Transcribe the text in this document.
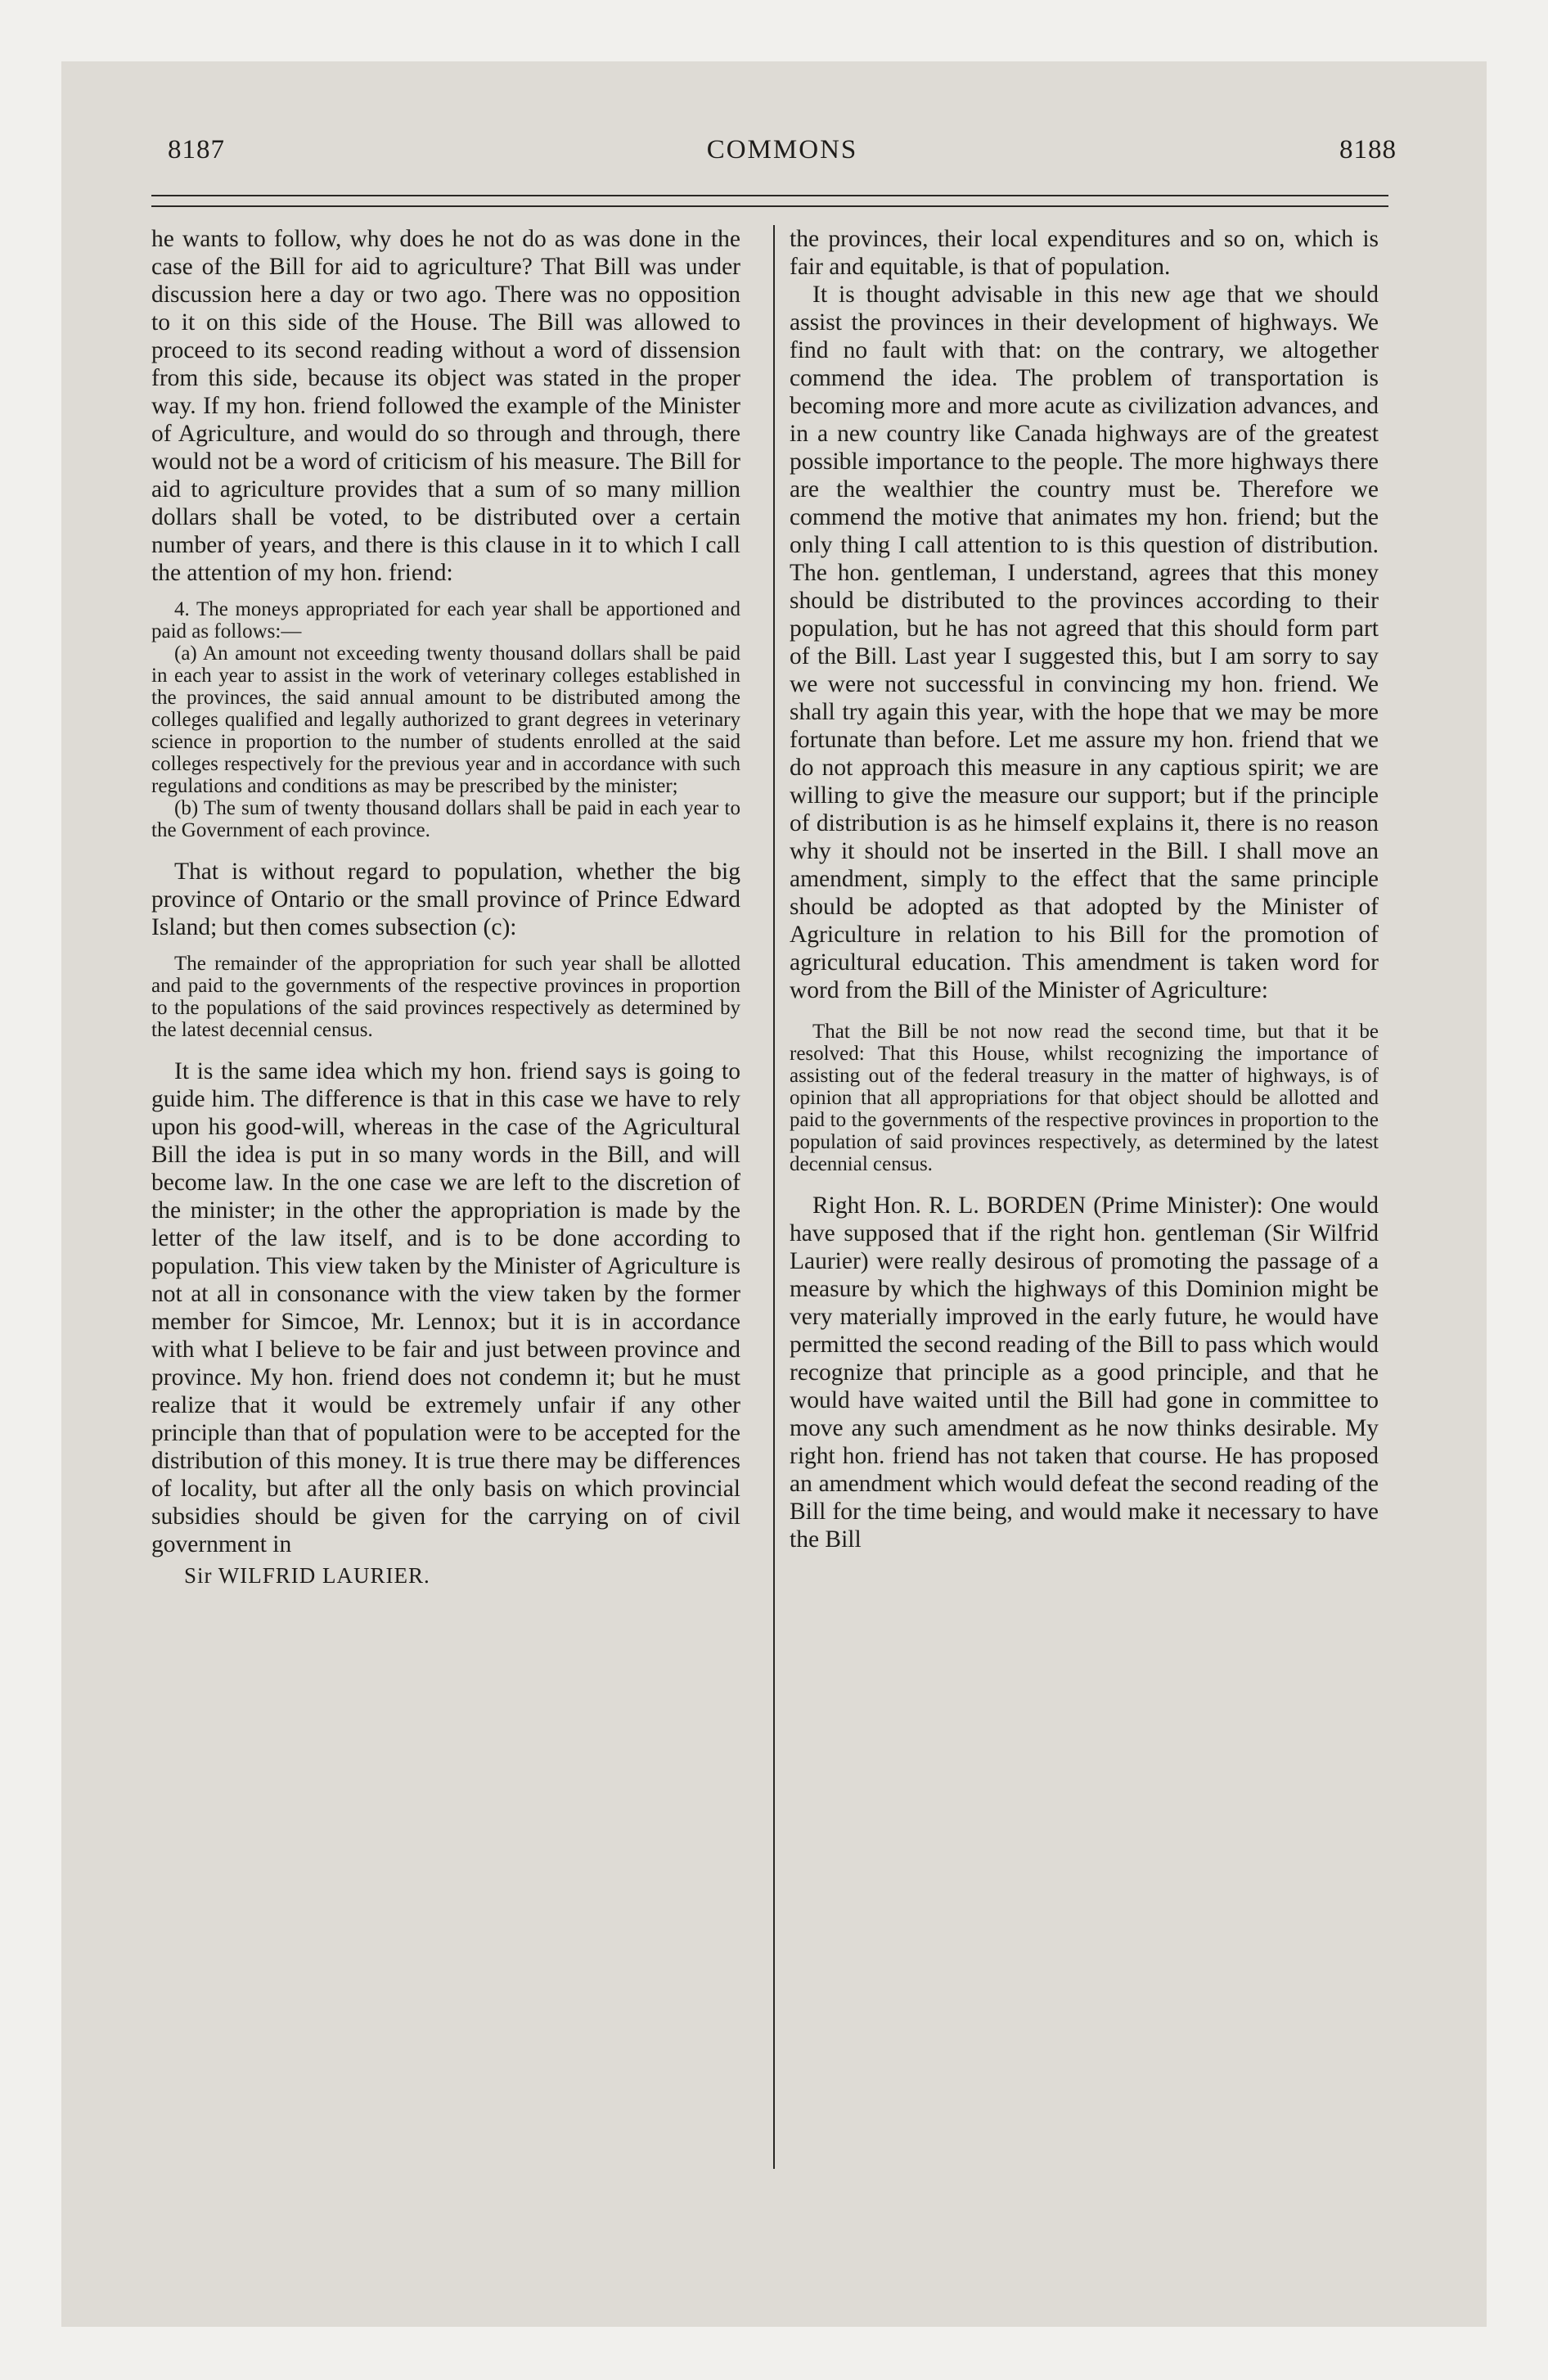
8187	COMMONS	8188

he wants to follow, why does he not do as was done in the case of the Bill for aid to agriculture? That Bill was under discussion here a day or two ago. There was no opposition to it on this side of the House. The Bill was allowed to proceed to its second reading without a word of dissension from this side, because its object was stated in the proper way. If my hon. friend followed the example of the Minister of Agriculture, and would do so through and through, there would not be a word of criticism of his measure. The Bill for aid to agriculture provides that a sum of so many million dollars shall be voted, to be distributed over a certain number of years, and there is this clause in it to which I call the attention of my hon. friend:

4. The moneys appropriated for each year shall be apportioned and paid as follows:—

(a) An amount not exceeding twenty thousand dollars shall be paid in each year to assist in the work of veterinary colleges established in the provinces, the said annual amount to be distributed among the colleges qualified and legally authorized to grant degrees in veterinary science in proportion to the number of students enrolled at the said colleges respectively for the previous year and in accordance with such regulations and conditions as may be prescribed by the minister;

(b) The sum of twenty thousand dollars shall be paid in each year to the Government of each province.

That is without regard to population, whether the big province of Ontario or the small province of Prince Edward Island; but then comes subsection (c):

The remainder of the appropriation for such year shall be allotted and paid to the governments of the respective provinces in proportion to the populations of the said provinces respectively as determined by the latest decennial census.

It is the same idea which my hon. friend says is going to guide him. The difference is that in this case we have to rely upon his good-will, whereas in the case of the Agricultural Bill the idea is put in so many words in the Bill, and will become law. In the one case we are left to the discretion of the minister; in the other the appropriation is made by the letter of the law itself, and is to be done according to population. This view taken by the Minister of Agriculture is not at all in consonance with the view taken by the former member for Simcoe, Mr. Lennox; but it is in accordance with what I believe to be fair and just between province and province. My hon. friend does not condemn it; but he must realize that it would be extremely unfair if any other principle than that of population were to be accepted for the distribution of this money. It is true there may be differences of locality, but after all the only basis on which provincial subsidies should be given for the carrying on of civil government in

Sir WILFRID LAURIER.

the provinces, their local expenditures and so on, which is fair and equitable, is that of population.

It is thought advisable in this new age that we should assist the provinces in their development of highways. We find no fault with that: on the contrary, we altogether commend the idea. The problem of transportation is becoming more and more acute as civilization advances, and in a new country like Canada highways are of the greatest possible importance to the people. The more highways there are the wealthier the country must be. Therefore we commend the motive that animates my hon. friend; but the only thing I call attention to is this question of distribution. The hon. gentleman, I understand, agrees that this money should be distributed to the provinces according to their population, but he has not agreed that this should form part of the Bill. Last year I suggested this, but I am sorry to say we were not successful in convincing my hon. friend. We shall try again this year, with the hope that we may be more fortunate than before. Let me assure my hon. friend that we do not approach this measure in any captious spirit; we are willing to give the measure our support; but if the principle of distribution is as he himself explains it, there is no reason why it should not be inserted in the Bill. I shall move an amendment, simply to the effect that the same principle should be adopted as that adopted by the Minister of Agriculture in relation to his Bill for the promotion of agricultural education. This amendment is taken word for word from the Bill of the Minister of Agriculture:

That the Bill be not now read the second time, but that it be resolved: That this House, whilst recognizing the importance of assisting out of the federal treasury in the matter of highways, is of opinion that all appropriations for that object should be allotted and paid to the governments of the respective provinces in proportion to the population of said provinces respectively, as determined by the latest decennial census.

Right Hon. R. L. BORDEN (Prime Minister): One would have supposed that if the right hon. gentleman (Sir Wilfrid Laurier) were really desirous of promoting the passage of a measure by which the highways of this Dominion might be very materially improved in the early future, he would have permitted the second reading of the Bill to pass which would recognize that principle as a good principle, and that he would have waited until the Bill had gone in committee to move any such amendment as he now thinks desirable. My right hon. friend has not taken that course. He has proposed an amendment which would defeat the second reading of the Bill for the time being, and would make it necessary to have the Bill
